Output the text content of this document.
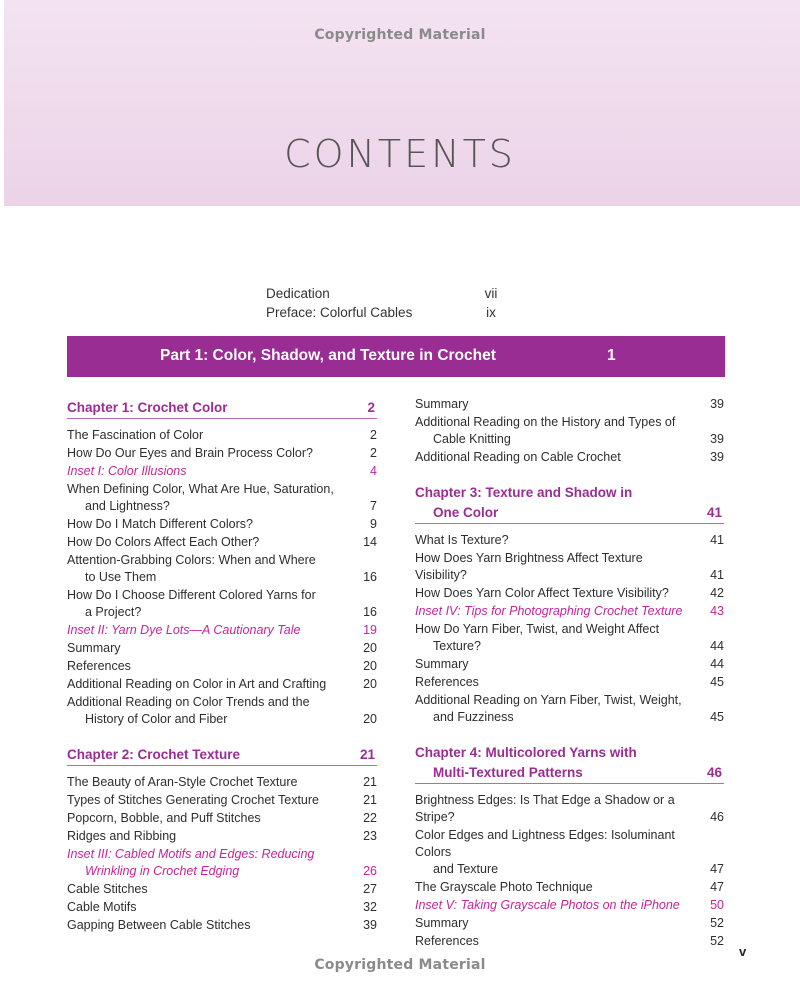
Copyrighted Material
CONTENTS
Dedication	vii
Preface: Colorful Cables	ix
Part 1: Color, Shadow, and Texture in Crochet	1
Chapter 1: Crochet Color	2
The Fascination of Color	2
How Do Our Eyes and Brain Process Color?	2
Inset I: Color Illusions	4
When Defining Color, What Are Hue, Saturation,
and Lightness?	7
How Do I Match Different Colors?	9
How Do Colors Affect Each Other?	14
Attention-Grabbing Colors: When and Where
to Use Them	16
How Do I Choose Different Colored Yarns for
a Project?	16
Inset II: Yarn Dye Lots—A Cautionary Tale	19
Summary	20
References	20
Additional Reading on Color in Art and Crafting	20
Additional Reading on Color Trends and the
History of Color and Fiber	20
Chapter 2: Crochet Texture	21
The Beauty of Aran-Style Crochet Texture	21
Types of Stitches Generating Crochet Texture	21
Popcorn, Bobble, and Puff Stitches	22
Ridges and Ribbing	23
Inset III: Cabled Motifs and Edges: Reducing
Wrinkling in Crochet Edging	26
Cable Stitches	27
Cable Motifs	32
Gapping Between Cable Stitches	39
Summary	39
Additional Reading on the History and Types of
Cable Knitting	39
Additional Reading on Cable Crochet	39
Chapter 3: Texture and Shadow in
One Color	41
What Is Texture?	41
How Does Yarn Brightness Affect Texture Visibility?	41
How Does Yarn Color Affect Texture Visibility?	42
Inset IV: Tips for Photographing Crochet Texture	43
How Do Yarn Fiber, Twist, and Weight Affect
Texture?	44
Summary	44
References	45
Additional Reading on Yarn Fiber, Twist, Weight,
and Fuzziness	45
Chapter 4: Multicolored Yarns with
Multi-Textured Patterns	46
Brightness Edges: Is That Edge a Shadow or a Stripe?	46
Color Edges and Lightness Edges: Isoluminant Colors
and Texture	47
The Grayscale Photo Technique	47
Inset V: Taking Grayscale Photos on the iPhone	50
Summary	52
References	52
Copyrighted Material
v
